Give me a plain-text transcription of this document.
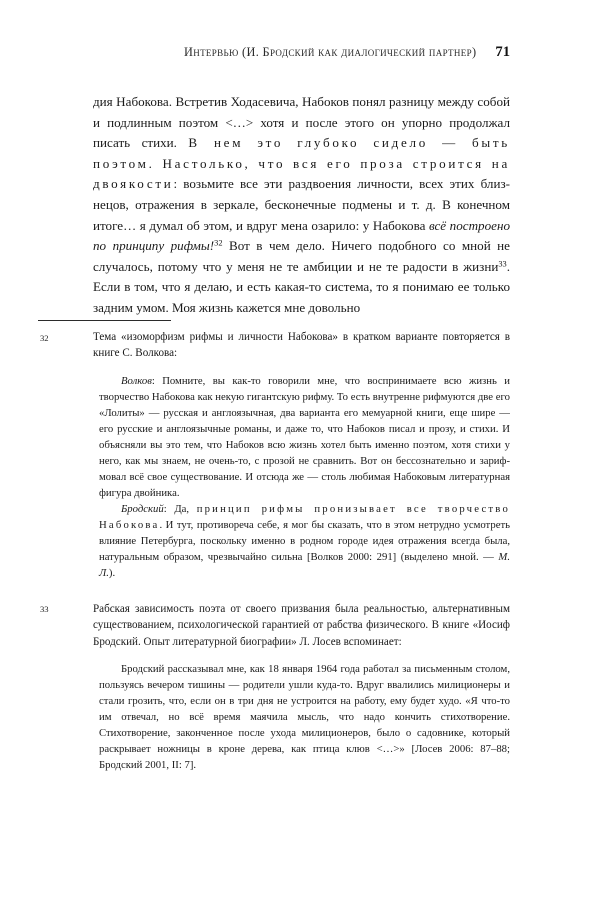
Интервью (И. Бродский как диалогический партнер) 71

дия Набокова. Встретив Ходасевича, Набоков понял разницу между собой и подлинным поэтом <…> хотя и после этого он упорно продолжал писать стихи. В нем это глубоко сидело — быть поэтом. Настолько, что вся его проза строится на двоякости: возьмите все эти раздвоения личности, всех этих близнецов, отражения в зеркале, бесконечные подмены и т. д. В конечном итоге… я думал об этом, и вдруг мена озарило: у Набокова всё построено по принципу рифмы!$^{32}$ Вот в чем дело. Ничего подобного со мной не случалось, потому что у меня не те амбиции и не те радости в жизни$^{33}$. Если в том, что я делаю, и есть какая-то система, то я понимаю ее только задним умом. Моя жизнь кажется мне довольно

32	Тема «изоморфизм рифмы и личности Набокова» в кратком варианте повторяется в книге С. Волкова:

Волков: Помните, вы как-то говорили мне, что воспринимаете всю жизнь и творчество Набокова как некую гигантскую рифму. То есть внутренне рифмуются две его «Лолиты» — русская и англоязычная, два варианта его мемуарной книги, еще шире — его русские и англоязычные романы, и даже то, что Набоков писал и прозу, и стихи. И объясняли вы это тем, что Набоков всю жизнь хотел быть именно поэтом, хотя стихи у него, как мы знаем, не очень-то, с прозой не сравнить. Вот он бессознательно и зарифмовал всё свое существование. И отсюда же — столь любимая Набоковым литературная фигура двойника.

Бродский: Да, принцип рифмы пронизывает все творчество Набокова. И тут, противореча себе, я мог бы сказать, что в этом нетрудно усмотреть влияние Петербурга, поскольку именно в родном городе идея отражения всегда была, натуральным образом, чрезвычайно сильна [Волков 2000: 291] (выделено мной. — М. Л.).

33	Рабская зависимость поэта от своего призвания была реальностью, альтернативным существованием, психологической гарантией от рабства физического. В книге «Иосиф Бродский. Опыт литературной биографии» Л. Лосев вспоминает:

Бродский рассказывал мне, как 18 января 1964 года работал за письменным столом, пользуясь вечером тишины — родители ушли куда-то. Вдруг ввалились милиционеры и стали грозить, что, если он в три дня не устроится на работу, ему будет худо. «Я что-то им отвечал, но всё время маячила мысль, что надо кончить стихотворение. Стихотворение, законченное после ухода милиционеров, было о садовнике, который раскрывает ножницы в кроне дерева, как птица клюв <…>» [Лосев 2006: 87–88; Бродский 2001, II: 7].
